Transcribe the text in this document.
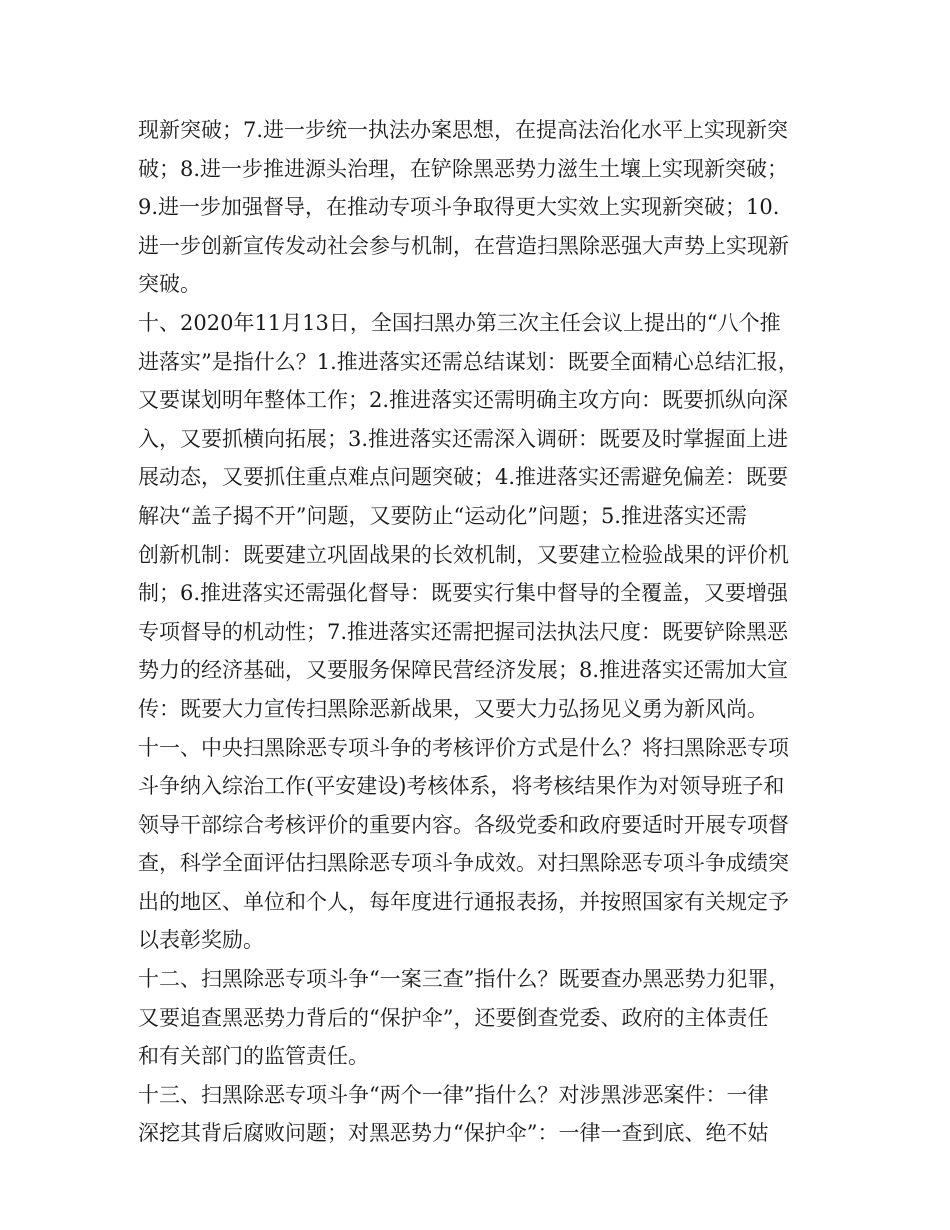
现新突破；7.进一步统一执法办案思想，在提高法治化水平上实现新突
破；8.进一步推进源头治理，在铲除黑恶势力滋生土壤上实现新突破；
9.进一步加强督导，在推动专项斗争取得更大实效上实现新突破；10.
进一步创新宣传发动社会参与机制，在营造扫黑除恶强大声势上实现新
突破。
十、2020年11月13日，全国扫黑办第三次主任会议上提出的“八个推
进落实”是指什么？1.推进落实还需总结谋划：既要全面精心总结汇报，
又要谋划明年整体工作；2.推进落实还需明确主攻方向：既要抓纵向深
入，又要抓横向拓展；3.推进落实还需深入调研：既要及时掌握面上进
展动态，又要抓住重点难点问题突破；4.推进落实还需避免偏差：既要
解决“盖子揭不开”问题，又要防止“运动化”问题；5.推进落实还需
创新机制：既要建立巩固战果的长效机制，又要建立检验战果的评价机
制；6.推进落实还需强化督导：既要实行集中督导的全覆盖，又要增强
专项督导的机动性；7.推进落实还需把握司法执法尺度：既要铲除黑恶
势力的经济基础，又要服务保障民营经济发展；8.推进落实还需加大宣
传：既要大力宣传扫黑除恶新战果，又要大力弘扬见义勇为新风尚。
十一、中央扫黑除恶专项斗争的考核评价方式是什么？将扫黑除恶专项
斗争纳入综治工作(平安建设)考核体系，将考核结果作为对领导班子和
领导干部综合考核评价的重要内容。各级党委和政府要适时开展专项督
查，科学全面评估扫黑除恶专项斗争成效。对扫黑除恶专项斗争成绩突
出的地区、单位和个人，每年度进行通报表扬，并按照国家有关规定予
以表彰奖励。
十二、扫黑除恶专项斗争“一案三查”指什么？既要查办黑恶势力犯罪，
又要追查黑恶势力背后的“保护伞”，还要倒查党委、政府的主体责任
和有关部门的监管责任。
十三、扫黑除恶专项斗争“两个一律”指什么？对涉黑涉恶案件：一律
深挖其背后腐败问题；对黑恶势力“保护伞”：一律一查到底、绝不姑
